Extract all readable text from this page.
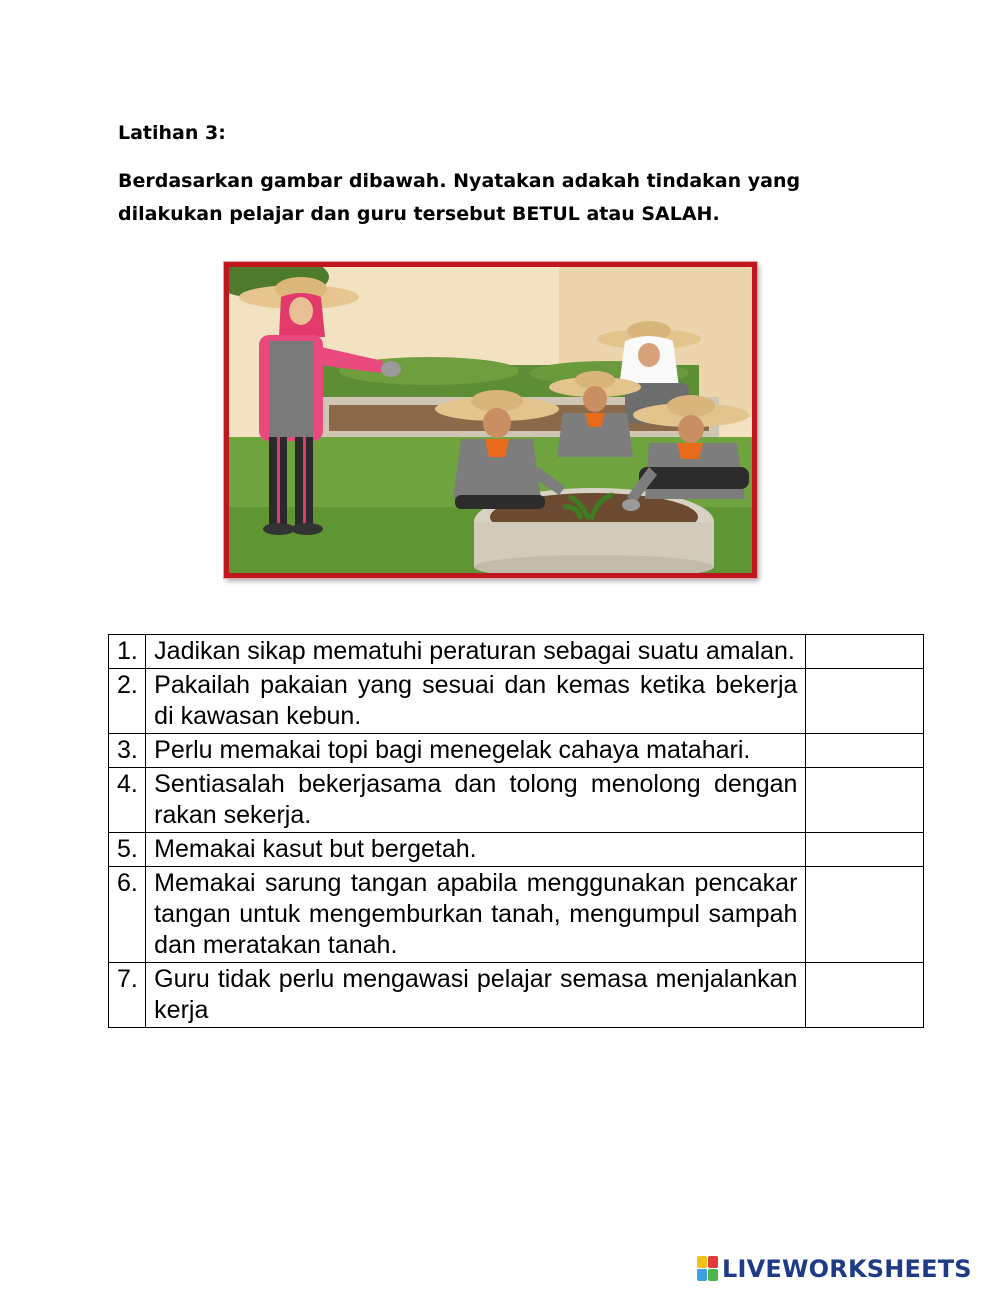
Latihan 3:
Berdasarkan gambar dibawah. Nyatakan adakah tindakan yang dilakukan pelajar dan guru tersebut BETUL atau SALAH.
1.	Jadikan sikap mematuhi peraturan sebagai suatu amalan.	
2.	Pakailah pakaian yang sesuai dan kemas ketika bekerja di kawasan kebun.	
3.	Perlu memakai topi bagi menegelak cahaya matahari.	
4.	Sentiasalah bekerjasama dan tolong menolong dengan rakan sekerja.	
5.	Memakai kasut but bergetah.	
6.	Memakai sarung tangan apabila menggunakan pencakar tangan untuk mengemburkan tanah, mengumpul sampah dan meratakan tanah.	
7.	Guru tidak perlu mengawasi pelajar semasa menjalankan kerja	
LIVEWORKSHEETS
